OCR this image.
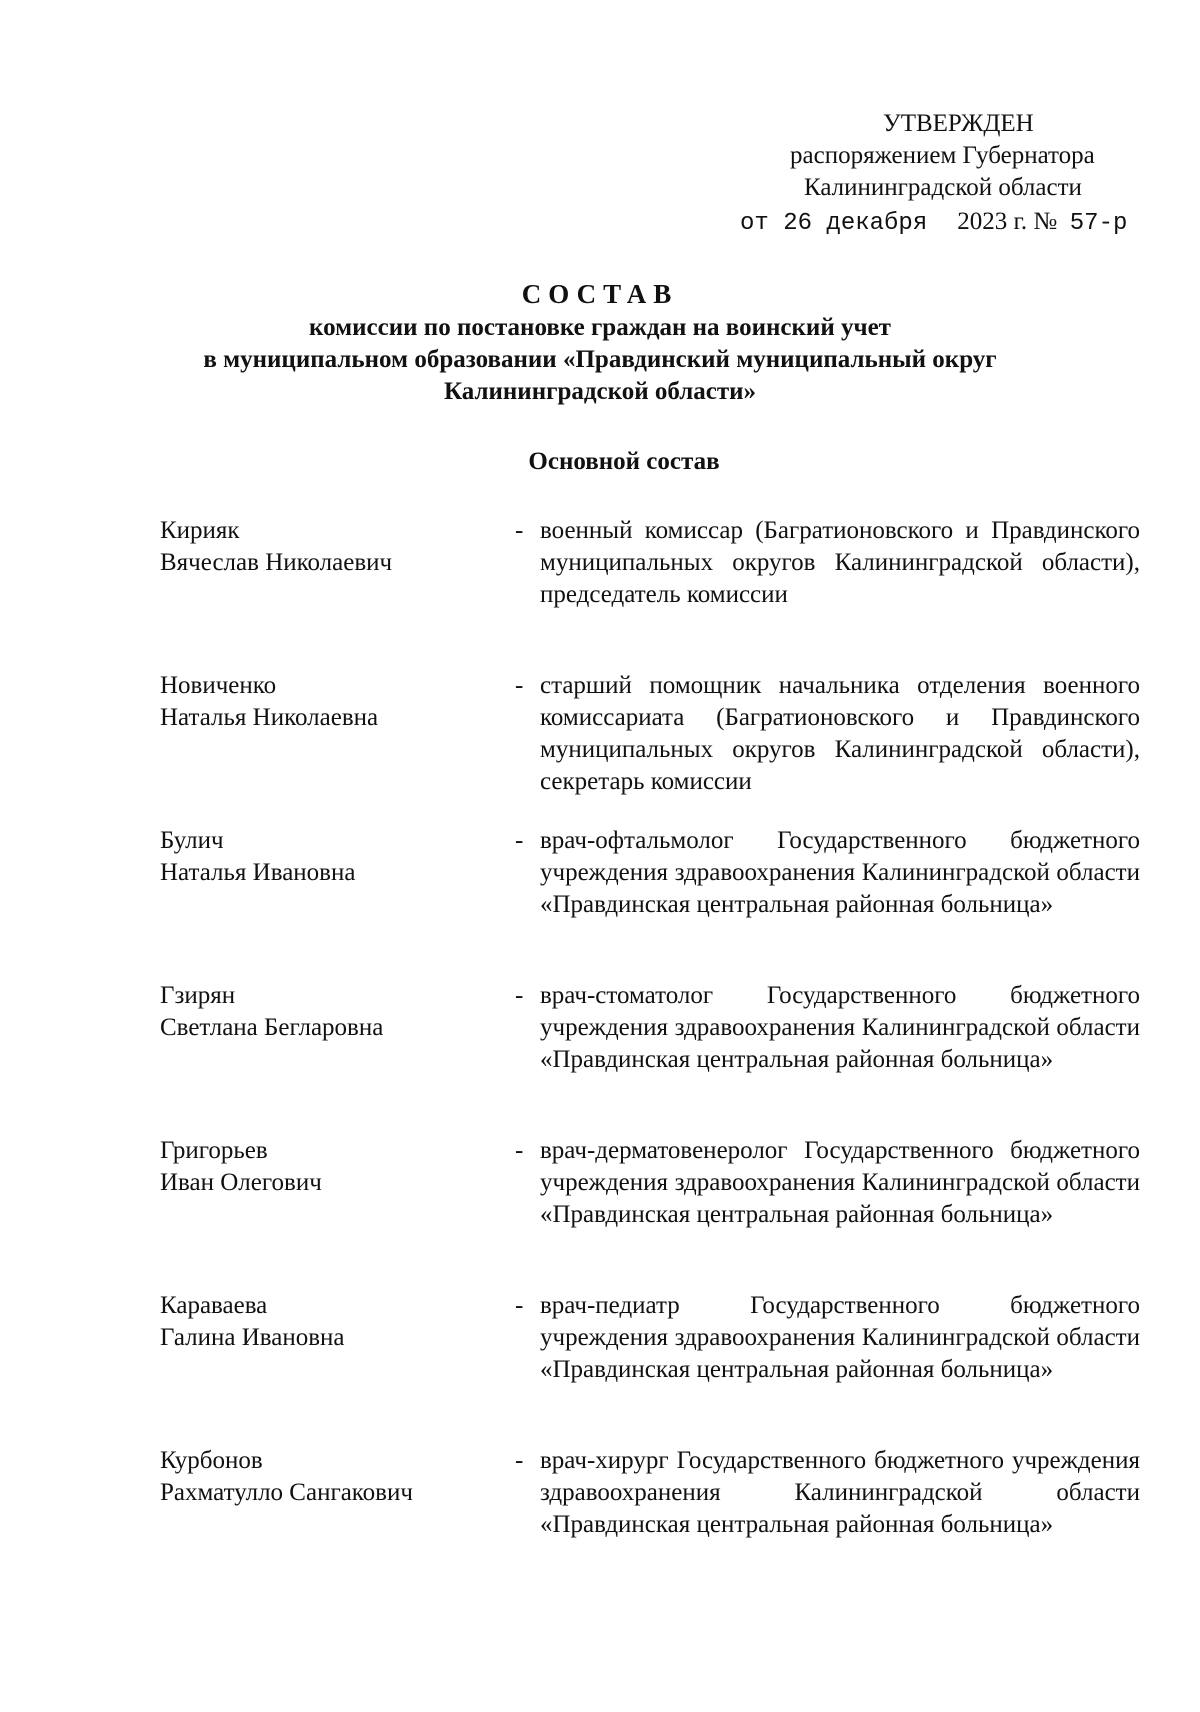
УТВЕРЖДЕН
распоряжением Губернатора
Калининградской области
от 26 декабря 2023 г. № 57-р
СОСТАВ
комиссии по постановке граждан на воинский учет
в муниципальном образовании «Правдинский муниципальный округ
Калининградской области»
Основной состав
Кирияк
Вячеслав Николаевич
- военный комиссар (Багратионовского и Правдинского муниципальных округов Калининградской области), председатель комиссии
Новиченко
Наталья Николаевна
- старший помощник начальника отделения военного комиссариата (Багратионовского и Правдинского муниципальных округов Калининградской области), секретарь комиссии
Булич
Наталья Ивановна
- врач-офтальмолог Государственного бюджетного учреждения здравоохранения Калининградской области «Правдинская центральная районная больница»
Гзирян
Светлана Бегларовна
- врач-стоматолог Государственного бюджетного учреждения здравоохранения Калининградской области «Правдинская центральная районная больница»
Григорьев
Иван Олегович
- врач-дерматовенеролог Государственного бюджетного учреждения здравоохранения Калининградской области «Правдинская центральная районная больница»
Караваева
Галина Ивановна
- врач-педиатр Государственного бюджетного учреждения здравоохранения Калининградской области «Правдинская центральная районная больница»
Курбонов
Рахматулло Сангакович
- врач-хирург Государственного бюджетного учреждения здравоохранения Калининградской области «Правдинская центральная районная больница»
